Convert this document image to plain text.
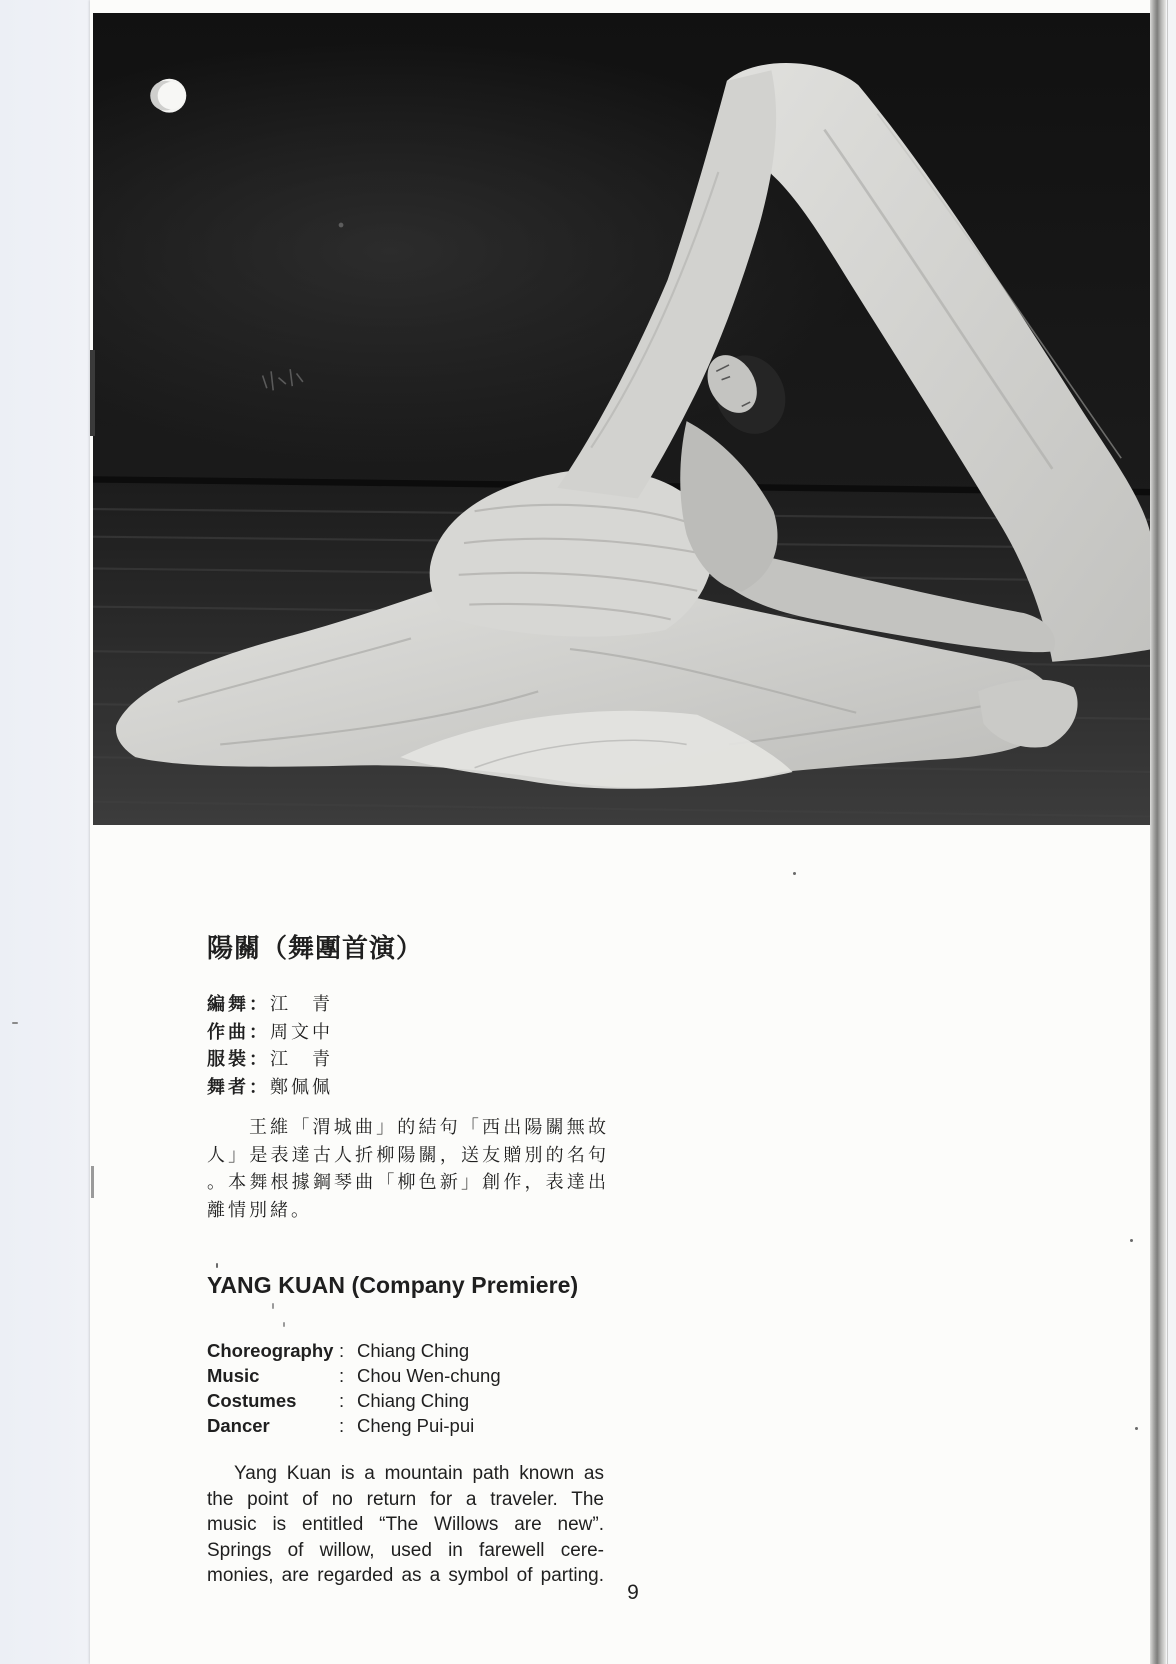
陽關（舞團首演）
編舞 ： 江　青
作曲 ： 周文中
服裝 ： 江　青
舞者 ： 鄭佩佩
王維「渭城曲」的結句「西出陽關無故
人」是表達古人折柳陽關，送友贈別的名句
。本舞根據鋼琴曲「柳色新」創作，表達出
離情別緒。
YANG KUAN (Company Premiere)
Choreography : Chiang Ching
Music	: Chou Wen-chung
Costumes	: Chiang Ching
Dancer	: Cheng Pui-pui
Yang Kuan is a mountain path known as
the point of no return for a traveler. The
music is entitled “The Willows are new”.
Springs of willow, used in farewell cere-
monies, are regarded as a symbol of parting.
9
